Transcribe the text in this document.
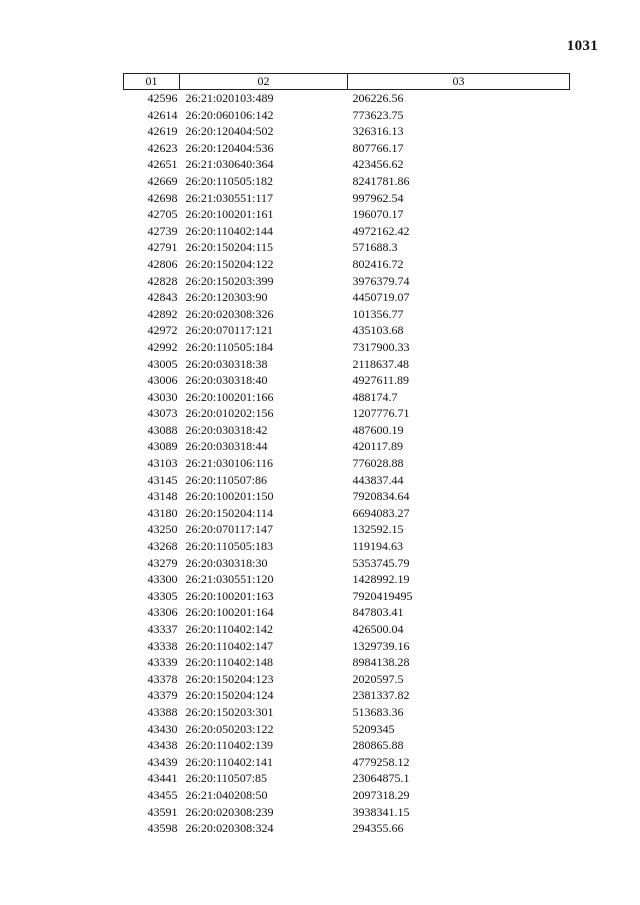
1031
01	02	03
42596	26:21:020103:489	206226.56
42614	26:20:060106:142	773623.75
42619	26:20:120404:502	326316.13
42623	26:20:120404:536	807766.17
42651	26:21:030640:364	423456.62
42669	26:20:110505:182	8241781.86
42698	26:21:030551:117	997962.54
42705	26:20:100201:161	196070.17
42739	26:20:110402:144	4972162.42
42791	26:20:150204:115	571688.3
42806	26:20:150204:122	802416.72
42828	26:20:150203:399	3976379.74
42843	26:20:120303:90	4450719.07
42892	26:20:020308:326	101356.77
42972	26:20:070117:121	435103.68
42992	26:20:110505:184	7317900.33
43005	26:20:030318:38	2118637.48
43006	26:20:030318:40	4927611.89
43030	26:20:100201:166	488174.7
43073	26:20:010202:156	1207776.71
43088	26:20:030318:42	487600.19
43089	26:20:030318:44	420117.89
43103	26:21:030106:116	776028.88
43145	26:20:110507:86	443837.44
43148	26:20:100201:150	7920834.64
43180	26:20:150204:114	6694083.27
43250	26:20:070117:147	132592.15
43268	26:20:110505:183	119194.63
43279	26:20:030318:30	5353745.79
43300	26:21:030551:120	1428992.19
43305	26:20:100201:163	7920419495
43306	26:20:100201:164	847803.41
43337	26:20:110402:142	426500.04
43338	26:20:110402:147	1329739.16
43339	26:20:110402:148	8984138.28
43378	26:20:150204:123	2020597.5
43379	26:20:150204:124	2381337.82
43388	26:20:150203:301	513683.36
43430	26:20:050203:122	5209345
43438	26:20:110402:139	280865.88
43439	26:20:110402:141	4779258.12
43441	26:20:110507:85	23064875.1
43455	26:21:040208:50	2097318.29
43591	26:20:020308:239	3938341.15
43598	26:20:020308:324	294355.66
